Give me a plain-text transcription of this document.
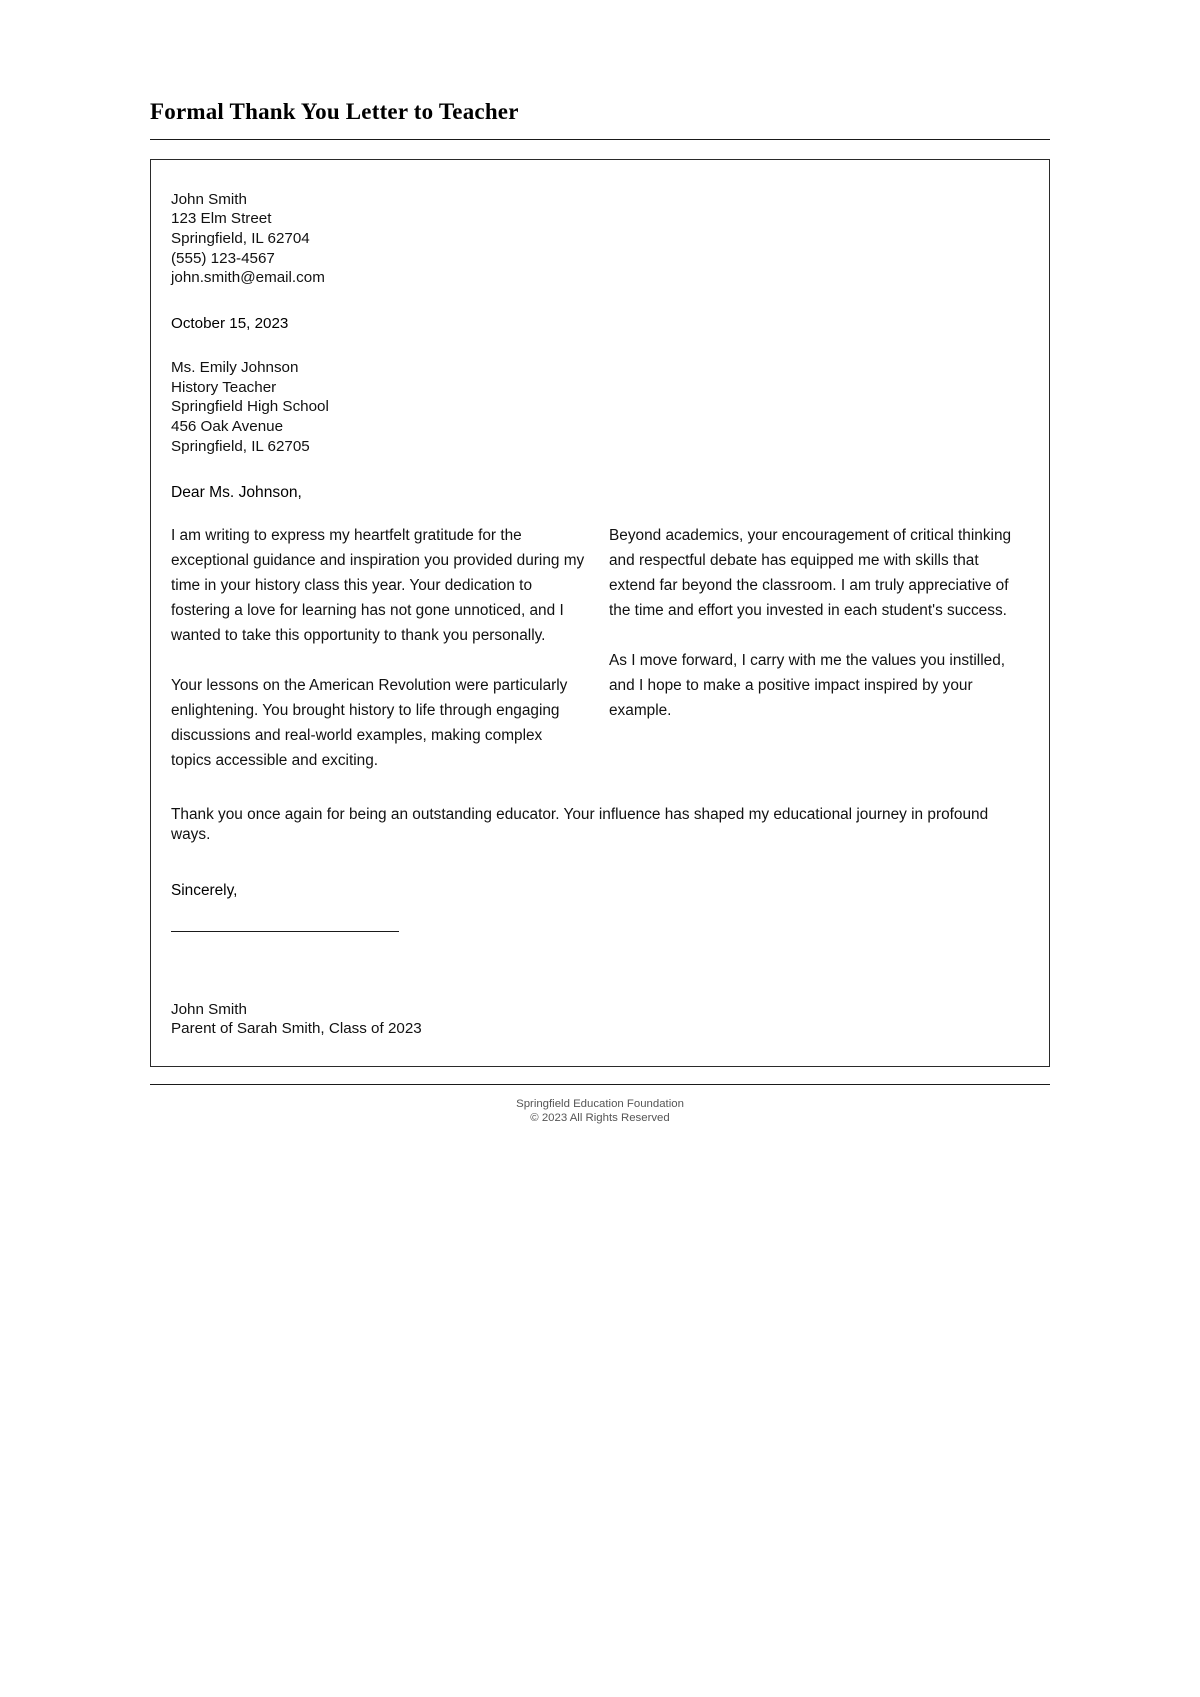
Formal Thank You Letter to Teacher
John Smith
123 Elm Street
Springfield, IL 62704
(555) 123-4567
john.smith@email.com
October 15, 2023
Ms. Emily Johnson
History Teacher
Springfield High School
456 Oak Avenue
Springfield, IL 62705
Dear Ms. Johnson,

I am writing to express my heartfelt gratitude for the exceptional guidance and inspiration you provided during my time in your history class this year. Your dedication to fostering a love for learning has not gone unnoticed, and I wanted to take this opportunity to thank you personally.

Your lessons on the American Revolution were particularly enlightening. You brought history to life through engaging discussions and real-world examples, making complex topics accessible and exciting.

Beyond academics, your encouragement of critical thinking and respectful debate has equipped me with skills that extend far beyond the classroom. I am truly appreciative of the time and effort you invested in each student's success.

As I move forward, I carry with me the values you instilled, and I hope to make a positive impact inspired by your example.

Thank you once again for being an outstanding educator. Your influence has shaped my educational journey in profound ways.
Sincerely,
John Smith
Parent of Sarah Smith, Class of 2023
Springfield Education Foundation
© 2023 All Rights Reserved
